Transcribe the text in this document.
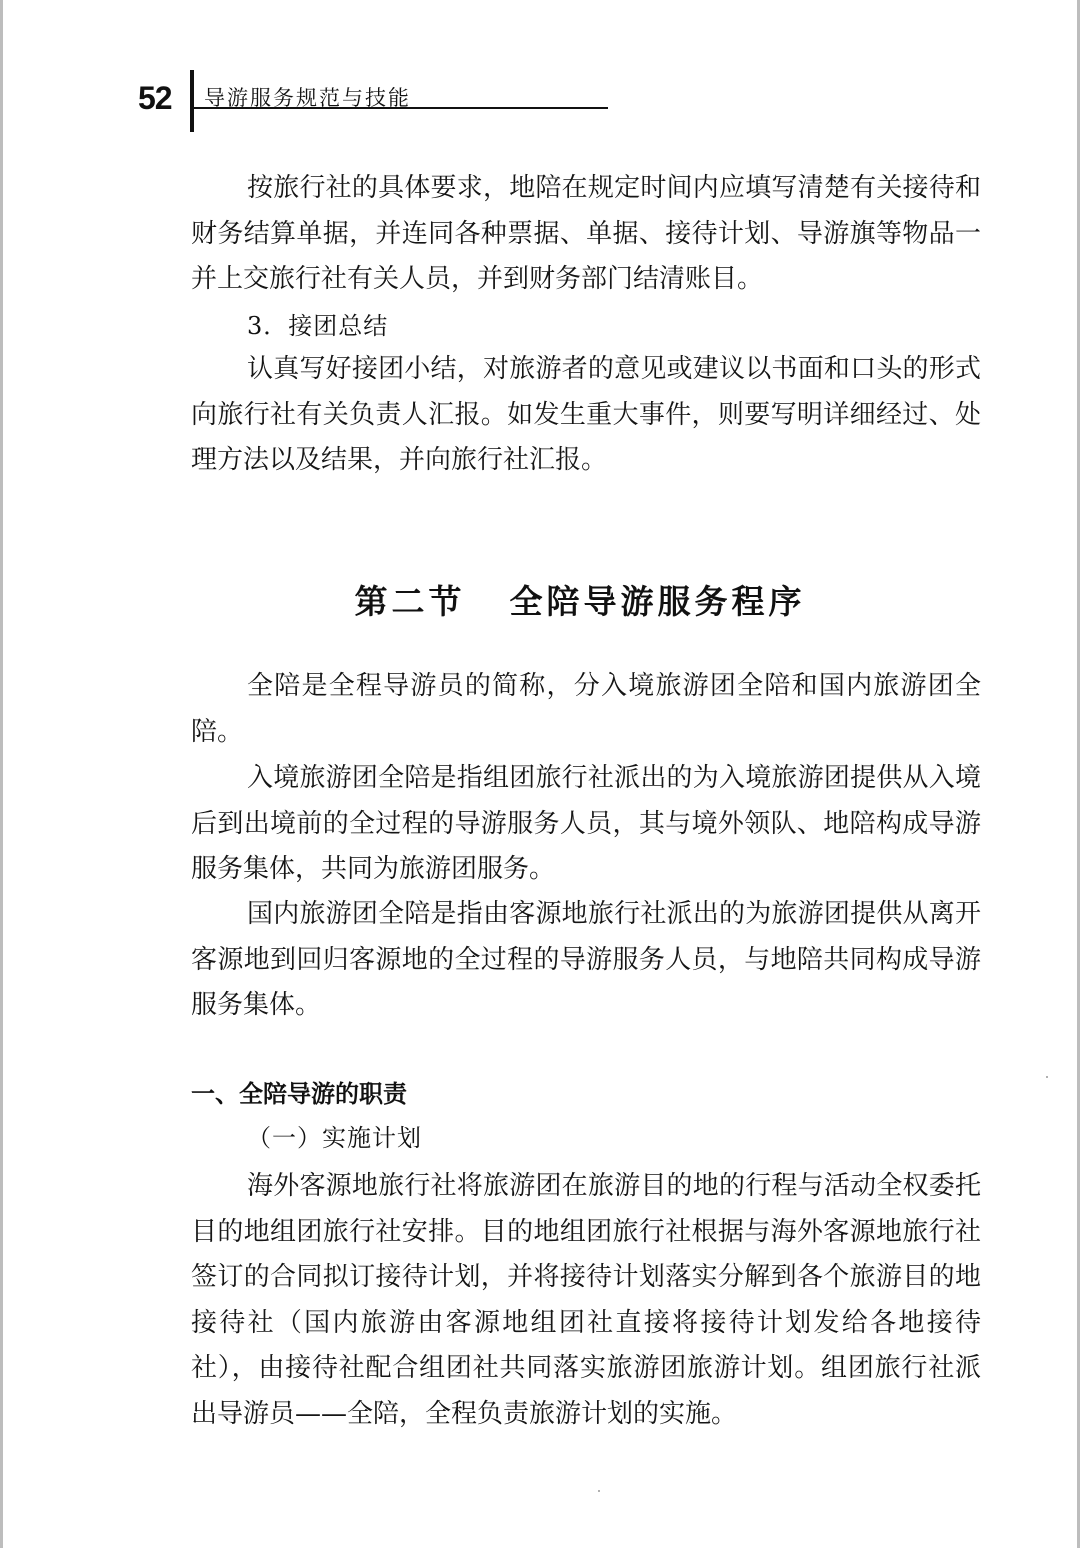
52 导游服务规范与技能

按旅行社的具体要求，地陪在规定时间内应填写清楚有关接待和财务结算单据，并连同各种票据、单据、接待计划、导游旗等物品一并上交旅行社有关人员，并到财务部门结清账目。

3．接团总结

认真写好接团小结，对旅游者的意见或建议以书面和口头的形式向旅行社有关负责人汇报。如发生重大事件，则要写明详细经过、处理方法以及结果，并向旅行社汇报。

第二节 全陪导游服务程序

全陪是全程导游员的简称，分入境旅游团全陪和国内旅游团全陪。

入境旅游团全陪是指组团旅行社派出的为入境旅游团提供从入境后到出境前的全过程的导游服务人员，其与境外领队、地陪构成导游服务集体，共同为旅游团服务。

国内旅游团全陪是指由客源地旅行社派出的为旅游团提供从离开客源地到回归客源地的全过程的导游服务人员，与地陪共同构成导游服务集体。

一、全陪导游的职责

（一）实施计划

海外客源地旅行社将旅游团在旅游目的地的行程与活动全权委托目的地组团旅行社安排。目的地组团旅行社根据与海外客源地旅行社签订的合同拟订接待计划，并将接待计划落实分解到各个旅游目的地接待社（国内旅游由客源地组团社直接将接待计划发给各地接待社），由接待社配合组团社共同落实旅游团旅游计划。组团旅行社派出导游员——全陪，全程负责旅游计划的实施。
